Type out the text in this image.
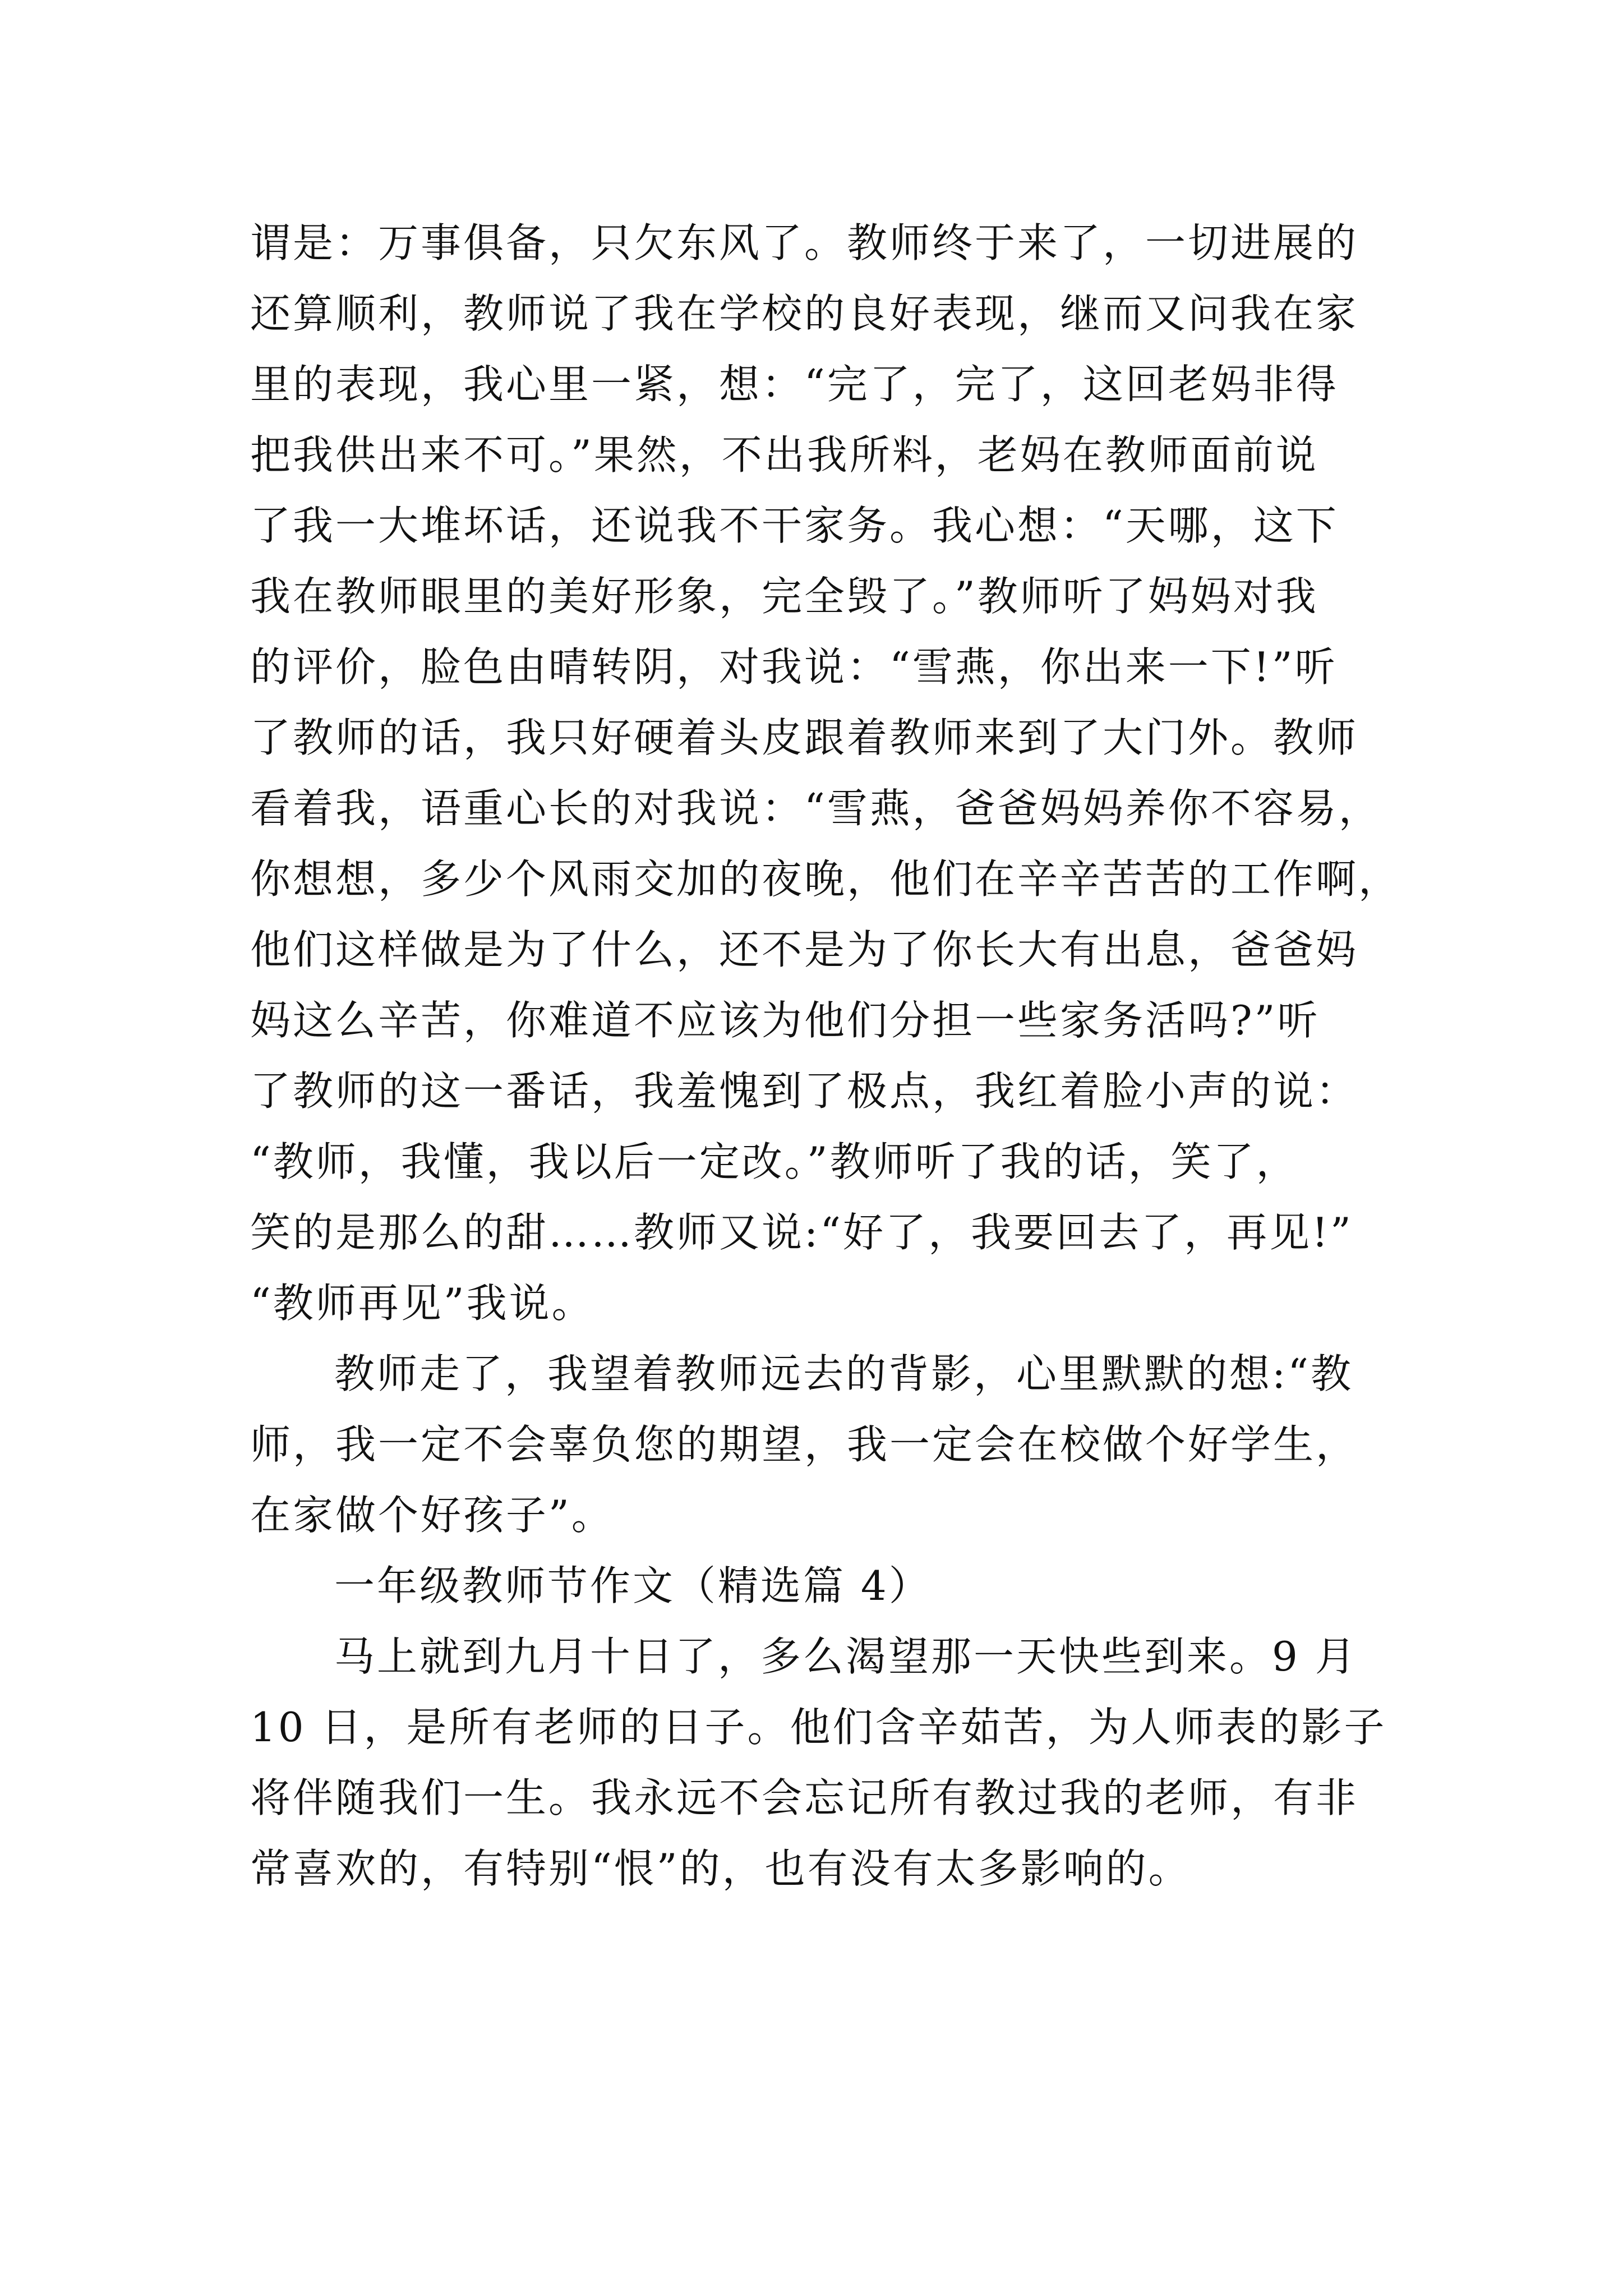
谓是：万事俱备，只欠东风了。教师终于来了，一切进展的
还算顺利，教师说了我在学校的良好表现，继而又问我在家
里的表现，我心里一紧，想：“完了，完了，这回老妈非得
把我供出来不可。”果然，不出我所料，老妈在教师面前说
了我一大堆坏话，还说我不干家务。我心想：“天哪，这下
我在教师眼里的美好形象，完全毁了。”教师听了妈妈对我
的评价，脸色由晴转阴，对我说：“雪燕，你出来一下!”听
了教师的话，我只好硬着头皮跟着教师来到了大门外。教师
看着我，语重心长的对我说：“雪燕，爸爸妈妈养你不容易，
你想想，多少个风雨交加的夜晚，他们在辛辛苦苦的工作啊，
他们这样做是为了什么，还不是为了你长大有出息，爸爸妈
妈这么辛苦，你难道不应该为他们分担一些家务活吗?”听
了教师的这一番话，我羞愧到了极点，我红着脸小声的说：
“教师，我懂，我以后一定改。”教师听了我的话，笑了，
笑的是那么的甜……教师又说:“好了，我要回去了，再见!”
“教师再见”我说。
教师走了，我望着教师远去的背影，心里默默的想:“教
师，我一定不会辜负您的期望，我一定会在校做个好学生，
在家做个好孩子”。
一年级教师节作文（精选篇 4）
马上就到九月十日了，多么渴望那一天快些到来。9 月
10 日，是所有老师的日子。他们含辛茹苦，为人师表的影子
将伴随我们一生。我永远不会忘记所有教过我的老师，有非
常喜欢的，有特别“恨”的，也有没有太多影响的。
